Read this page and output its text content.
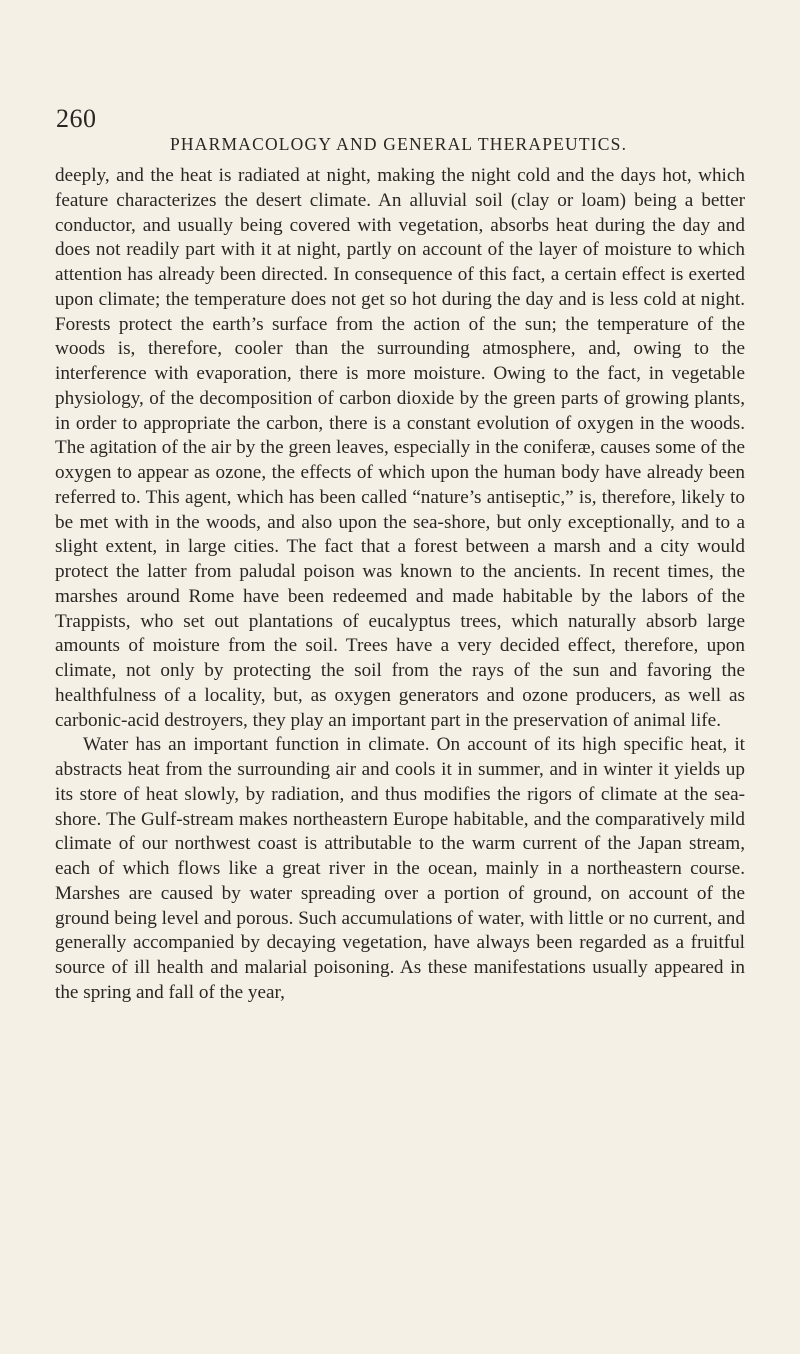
260
PHARMACOLOGY AND GENERAL THERAPEUTICS.

deeply, and the heat is radiated at night, making the night cold and the days hot, which feature characterizes the desert climate. An alluvial soil (clay or loam) being a better conductor, and usually being covered with vegetation, absorbs heat during the day and does not readily part with it at night, partly on account of the layer of moisture to which attention has already been directed. In consequence of this fact, a certain effect is exerted upon climate; the temperature does not get so hot during the day and is less cold at night. Forests protect the earth’s surface from the action of the sun; the temperature of the woods is, therefore, cooler than the surrounding atmosphere, and, owing to the interference with evaporation, there is more moisture. Owing to the fact, in vegetable physiology, of the decomposition of carbon dioxide by the green parts of growing plants, in order to appropriate the carbon, there is a constant evolution of oxygen in the woods. The agitation of the air by the green leaves, especially in the coniferæ, causes some of the oxygen to appear as ozone, the effects of which upon the human body have already been referred to. This agent, which has been called “nature’s antiseptic,” is, therefore, likely to be met with in the woods, and also upon the sea-shore, but only exceptionally, and to a slight extent, in large cities. The fact that a forest between a marsh and a city would protect the latter from paludal poison was known to the ancients. In recent times, the marshes around Rome have been redeemed and made habitable by the labors of the Trappists, who set out plantations of eucalyptus trees, which naturally absorb large amounts of moisture from the soil. Trees have a very decided effect, therefore, upon climate, not only by protecting the soil from the rays of the sun and favoring the healthfulness of a locality, but, as oxygen generators and ozone producers, as well as carbonic-acid destroyers, they play an important part in the preservation of animal life.

Water has an important function in climate. On account of its high specific heat, it abstracts heat from the surrounding air and cools it in summer, and in winter it yields up its store of heat slowly, by radiation, and thus modifies the rigors of climate at the sea-shore. The Gulf-stream makes northeastern Europe habitable, and the comparatively mild climate of our northwest coast is attributable to the warm current of the Japan stream, each of which flows like a great river in the ocean, mainly in a northeastern course. Marshes are caused by water spreading over a portion of ground, on account of the ground being level and porous. Such accumulations of water, with little or no current, and generally accompanied by decaying vegetation, have always been regarded as a fruitful source of ill health and malarial poisoning. As these manifestations usually appeared in the spring and fall of the year,
